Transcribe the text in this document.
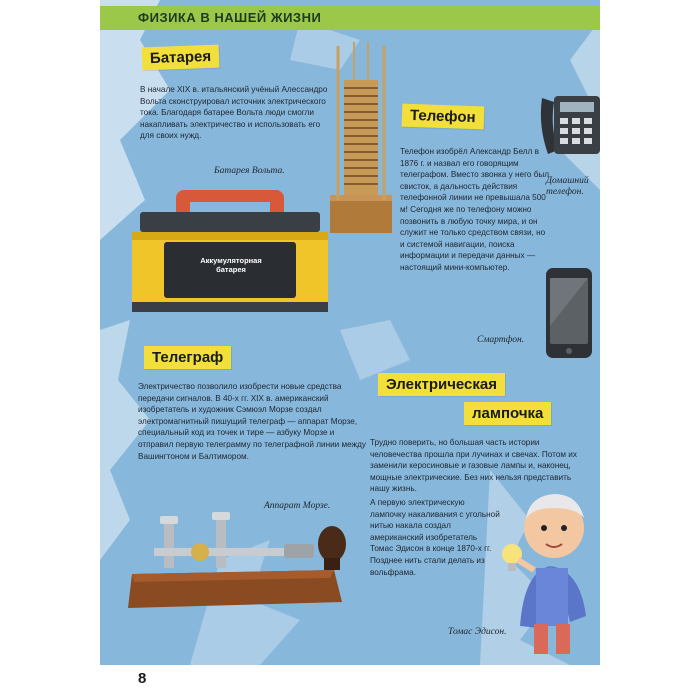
ФИЗИКА В НАШЕЙ ЖИЗНИ
Батарея
В начале XIX в. итальянский учёный Алессандро Вольта сконструировал источник электрического тока. Благодаря батарее Вольта люди смогли накапливать электричество и использовать его для своих нужд.
Батарея Вольта.
Аккумуляторная
батарея
Телефон
Домашний телефон.
Телефон изобрёл Александр Белл в 1876 г. и назвал его говорящим телеграфом. Вместо звонка у него был свисток, а дальность действия телефонной линии не превышала 500 м! Сегодня же по телефону можно позвонить в любую точку мира, и он служит не только средством связи, но и системой навигации, поиска информации и передачи данных — настоящий мини-компьютер.
Смартфон.
Телеграф
Электричество позволило изобрести новые средства передачи сигналов. В 40-х гг. XIX в. американский изобретатель и художник Сэмюэл Морзе создал электромагнитный пишущий телеграф — аппарат Морзе, специальный код из точек и тире — азбуку Морзе и отправил первую телеграмму по телеграфной линии между Вашингтоном и Балтимором.
Аппарат Морзе.
Электрическая
лампочка
Трудно поверить, но большая часть истории человечества прошла при лучинах и свечах. Потом их заменили керосиновые и газовые лампы и, наконец, мощные электрические. Без них нельзя представить нашу жизнь.
А первую электрическую лампочку накаливания с угольной нитью накала создал американский изобретатель Томас Эдисон в конце 1870-х гг. Позднее нить стали делать из вольфрама.
Томас Эдисон.
8
